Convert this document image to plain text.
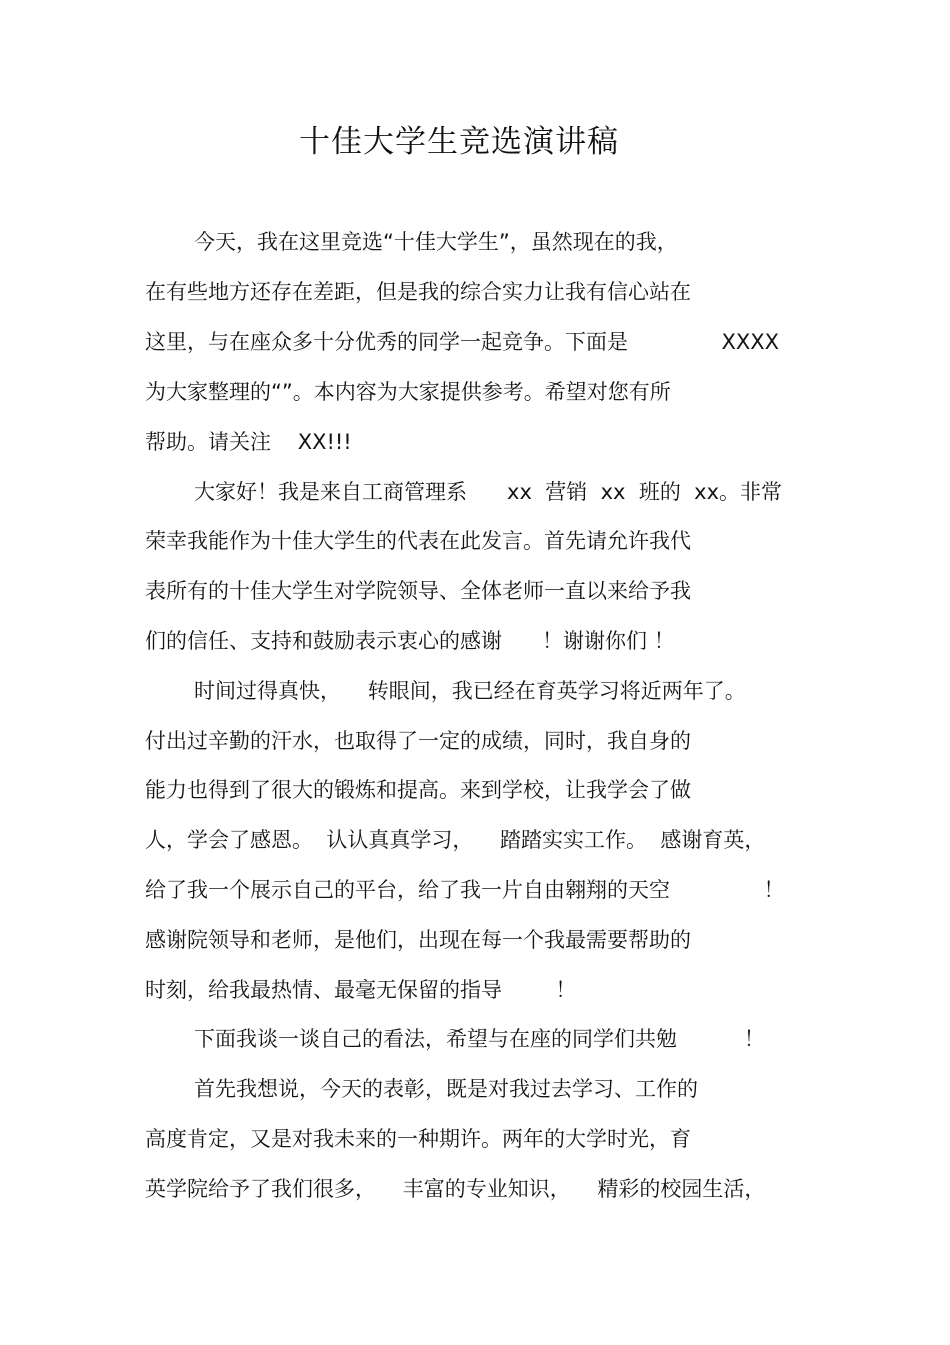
十佳大学生竞选演讲稿
今天，我在这里竞选“十佳大学生”，虽然现在的我，
在有些地方还存在差距，但是我的综合实力让我有信心站在
这里，与在座众多十分优秀的同学一起竞争。下面是              XXXX
为大家整理的“”。本内容为大家提供参考。希望对您有所
帮助。请关注    XX!!!
大家好！我是来自工商管理系      xx  营销  xx  班的  xx。非常
荣幸我能作为十佳大学生的代表在此发言。首先请允许我代
表所有的十佳大学生对学院领导、全体老师一直以来给予我
们的信任、支持和鼓励表示衷心的感谢      ！谢谢你们 ！
时间过得真快，    转眼间，我已经在育英学习将近两年了。
付出过辛勤的汗水，也取得了一定的成绩，同时，我自身的
能力也得到了很大的锻炼和提高。来到学校，让我学会了做
人，学会了感恩。  认认真真学习，    踏踏实实工作。  感谢育英，
给了我一个展示自己的平台，给了我一片自由翱翔的天空              ！
感谢院领导和老师，是他们，出现在每一个我最需要帮助的
时刻，给我最热情、最毫无保留的指导        ！
下面我谈一谈自己的看法，希望与在座的同学们共勉          ！
首先我想说，今天的表彰，既是对我过去学习、工作的
高度肯定，又是对我未来的一种期许。两年的大学时光，育
英学院给予了我们很多，    丰富的专业知识，    精彩的校园生活，
